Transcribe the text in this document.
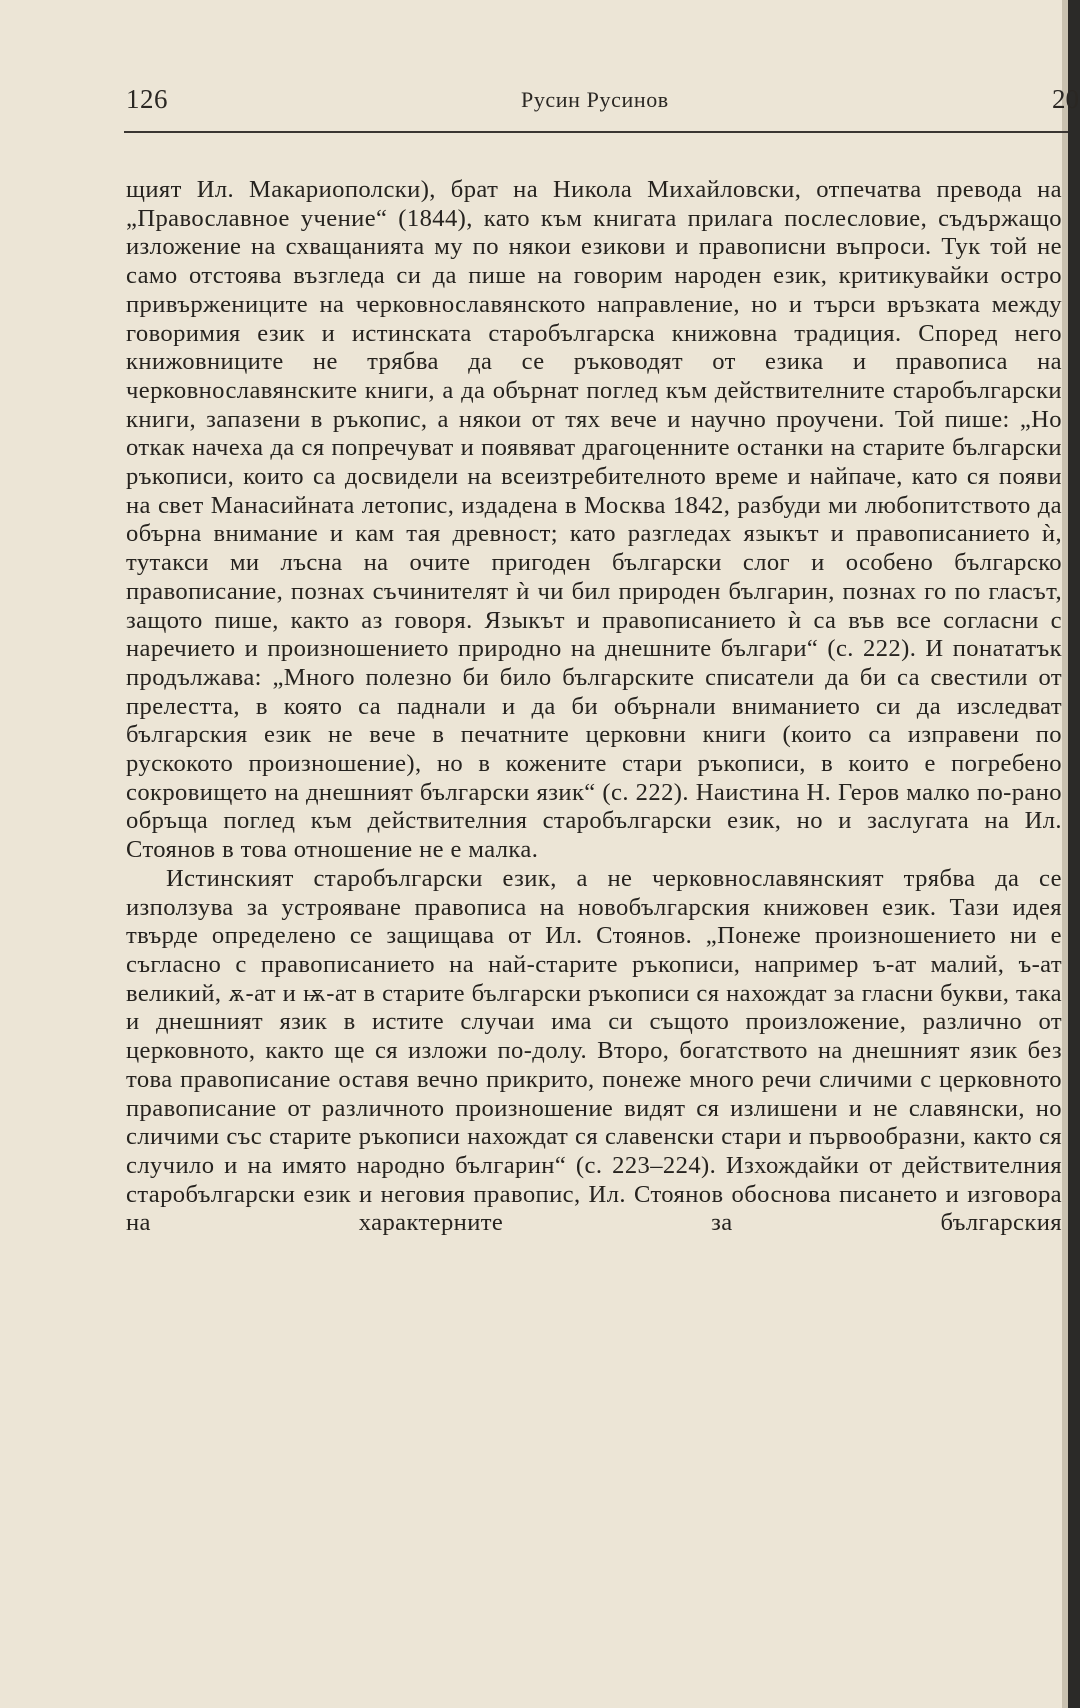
126	Русин Русинов	20

щият Ил. Макариополски), брат на Никола Михайловски, отпечатва превода на „Православное учение“ (1844), като към книгата прилага послесловие, съдържащо изложение на схващанията му по някои езикови и правописни въпроси. Тук той не само отстоява възгледа си да пише на говорим народен език, критикувайки остро привържениците на черковнославянското направление, но и търси връзката между говоримия език и истинската старобългарска книжовна традиция. Според него книжовниците не трябва да се ръководят от езика и правописа на черковнославянските книги, а да обърнат поглед към действителните старобългарски книги, запазени в ръкопис, а някои от тях вече и научно проучени. Той пише: „Но откак начеха да ся попречуват и появяват драгоценните останки на старите български ръкописи, които са досвидели на всеизтребителното време и найпаче, като ся появи на свет Манасийната летопис, издадена в Москва 1842, разбуди ми любопитството да обърна внимание и кам тая древност; като разгледах языкът и правописанието ѝ, тутакси ми лъсна на очите пригоден български слог и особено българско правописание, познах съчинителят ѝ чи бил природен българин, познах го по гласът, защото пише, както аз говоря. Языкът и правописанието ѝ са във все согласни с наречието и произношението природно на днешните българи“ (с. 222). И понататък продължава: „Много полезно би било българските списатели да би са свестили от прелестта, в която са паднали и да би обърнали вниманието си да изследват българския език не вече в печатните церковни книги (които са изправени по рускокото произношение), но в кожените стари ръкописи, в които е погребено сокровището на днешният български язик“ (с. 222). Наистина Н. Геров малко по-рано обръща поглед към действителния старобългарски език, но и заслугата на Ил. Стоянов в това отношение не е малка.

Истинският старобългарски език, а не черковнославянският трябва да се използува за устрояване правописа на новобългарския книжовен език. Тази идея твърде определено се защищава от Ил. Стоянов. „Понеже произношението ни е съгласно с правописанието на най-старите ръкописи, например ъ-ат малий, ъ-ат великий, ѫ-ат и ѭ-ат в старите български ръкописи ся нахождат за гласни букви, така и днешният язик в истите случаи има си същото произложение, различно от церковното, както ще ся изложи по-долу. Второ, богатството на днешният язик без това правописание оставя вечно прикрито, понеже много речи сличими с церковното правописание от различното произношение видят ся излишени и не славянски, но сличими със старите ръкописи нахождат ся славенски стари и първообразни, както ся случило и на имято народно българин“ (с. 223–224). Изхождайки от действителния старобългарски език и неговия правопис, Ил. Стоянов обоснова писането и изговора на характерните за българския
